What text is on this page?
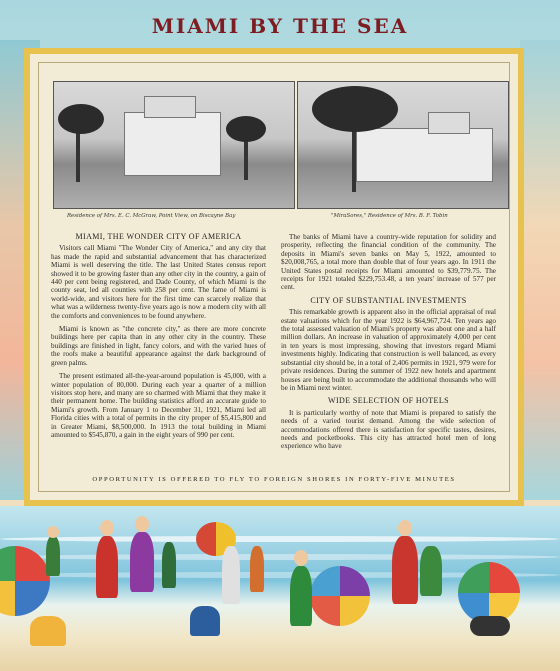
MIAMI BY THE SEA
Residence of Mrs. E. C. McGraw, Point View, on Biscayne Bay	"MiraSores," Residence of Mrs. B. F. Tobin
MIAMI, THE WONDER CITY OF AMERICA

Visitors call Miami "The Wonder City of America," and any city that has made the rapid and substantial advancement that has characterized Miami is well deserving the title. The last United States census report showed it to be growing faster than any other city in the country, a gain of 440 per cent being registered, and Dade County, of which Miami is the county seat, led all counties with 258 per cent. The fame of Miami is world-wide, and visitors here for the first time can scarcely realize that what was a wilderness twenty-five years ago is now a modern city with all the comforts and conveniences to be found anywhere.

Miami is known as "the concrete city," as there are more concrete buildings here per capita than in any other city in the country. These buildings are finished in light, fancy colors, and with the varied hues of the roofs make a beautiful appearance against the dark background of green palms.

The present estimated all-the-year-around population is 45,000, with a winter population of 80,000. During each year a quarter of a million visitors stop here, and many are so charmed with Miami that they make it their permanent home. The building statistics afford an accurate guide to Miami's growth. From January 1 to December 31, 1921, Miami led all Florida cities with a total of permits in the city proper of $5,415,800 and in Greater Miami, $8,500,000. In 1913 the total building in Miami amounted to $545,870, a gain in the eight years of 990 per cent.

The banks of Miami have a country-wide reputation for solidity and prosperity, reflecting the financial condition of the community. The deposits in Miami's seven banks on May 5, 1922, amounted to $20,008,765, a total more than double that of four years ago. In 1911 the United States postal receipts for Miami amounted to $39,779.75. The receipts for 1921 totaled $229,753.48, a ten years' increase of 577 per cent.

CITY OF SUBSTANTIAL INVESTMENTS

This remarkable growth is apparent also in the official appraisal of real estate valuations which for the year 1922 is $64,967,724. Ten years ago the total assessed valuation of Miami's property was about one and a half million dollars. An increase in valuation of approximately 4,000 per cent in ten years is most impressing, showing that investors regard Miami investments highly. Indicating that construction is well balanced, as every substantial city should be, in a total of 2,406 permits in 1921, 979 were for private residences. During the summer of 1922 new hotels and apartment houses are being built to accommodate the additional thousands who will be in Miami next winter.

WIDE SELECTION OF HOTELS

It is particularly worthy of note that Miami is prepared to satisfy the needs of a varied tourist demand. Among the wide selection of accommodations offered there is satisfaction for specific tastes, desires, needs and pocketbooks. This city has attracted hotel men of long experience who have

OPPORTUNITY IS OFFERED TO FLY TO FOREIGN SHORES IN FORTY-FIVE MINUTES
